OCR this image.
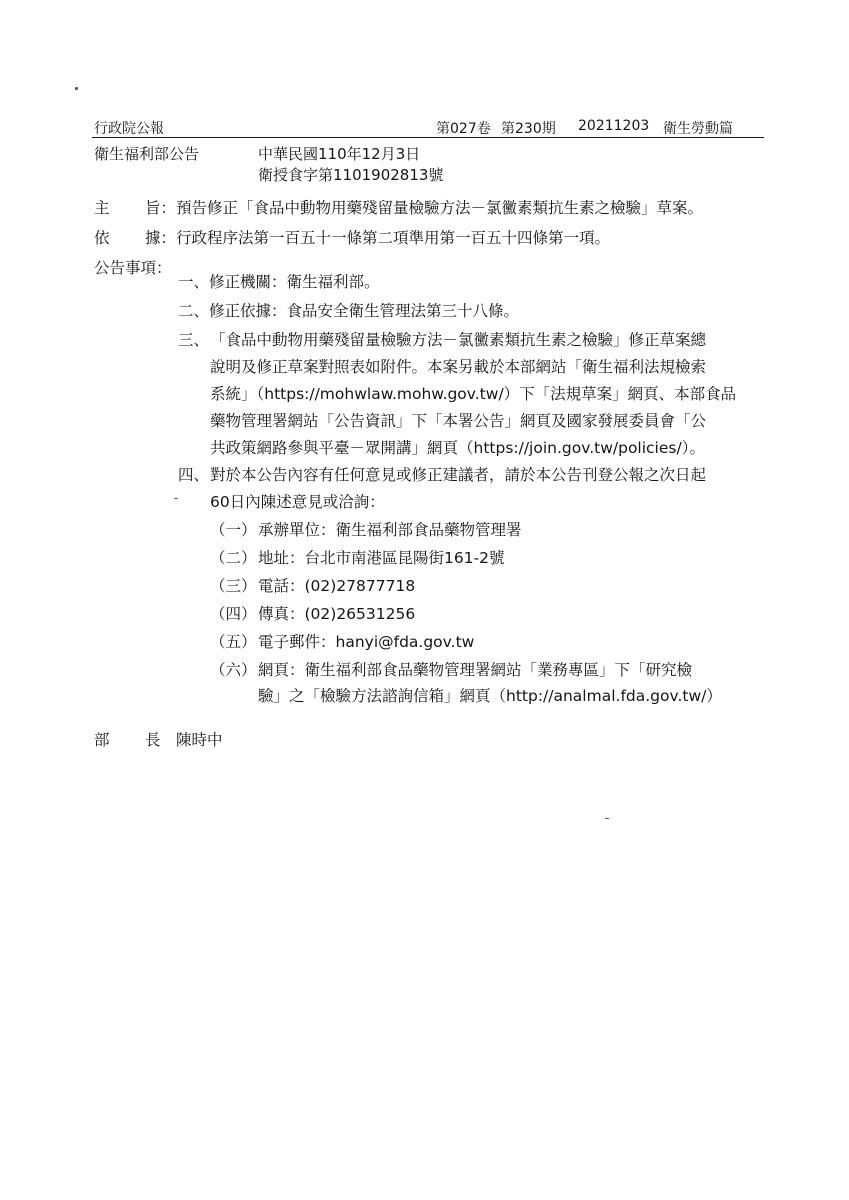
行政院公報	第027卷 第230期 20211203 衛生勞動篇
衛生福利部公告	中華民國110年12月3日
衛授食字第1101902813號
主 旨： 預告修正「食品中動物用藥殘留量檢驗方法－氯黴素類抗生素之檢驗」草案。
依 據： 行政程序法第一百五十一條第二項準用第一百五十四條第一項。
公告事項：
一、修正機關：衛生福利部。
二、修正依據：食品安全衛生管理法第三十八條。
三、 「食品中動物用藥殘留量檢驗方法－氯黴素類抗生素之檢驗」修正草案總
說明及修正草案對照表如附件。本案另載於本部網站「衛生福利法規檢索
系統」（https://mohwlaw.mohw.gov.tw/）下「法規草案」網頁、本部食品
藥物管理署網站「公告資訊」下「本署公告」網頁及國家發展委員會「公
共政策網路參與平臺－眾開講」網頁（https://join.gov.tw/policies/）。
四、 對於本公告內容有任何意見或修正建議者，請於本公告刊登公報之次日起
60日內陳述意見或洽詢：
（一） 承辦單位：衛生福利部食品藥物管理署
（二） 地址：台北市南港區昆陽街161-2號
（三） 電話：(02)27877718
（四） 傳真：(02)26531256
（五） 電子郵件：hanyi@fda.gov.tw
（六） 網頁：衛生福利部食品藥物管理署網站「業務專區」下「研究檢
驗」之「檢驗方法諮詢信箱」網頁（http://analmal.fda.gov.tw/）
部 長 陳時中
